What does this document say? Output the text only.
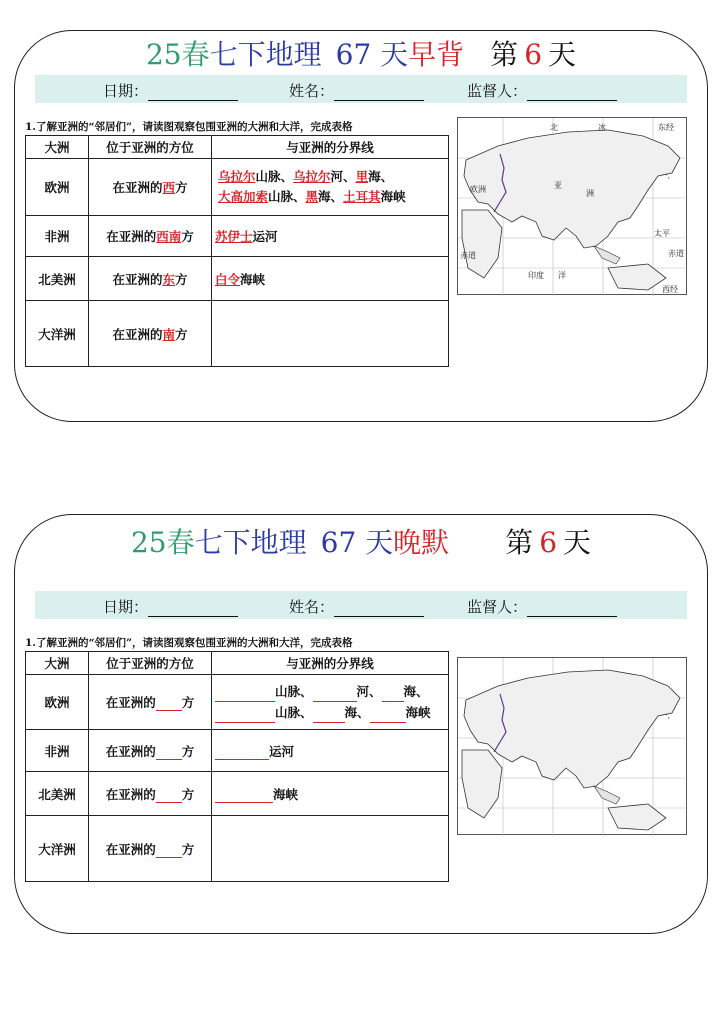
25春七下地理 67 天早背 第 6 天
日期：	姓名：	监督人：
1.了解亚洲的“邻居们”，请读图观察包围亚洲的大洲和大洋，完成表格
大洲	位于亚洲的方位	与亚洲的分界线
欧洲	在亚洲的西方	乌拉尔山脉、乌拉尔河、里海、
大高加索山脉、黑海、土耳其海峡
非洲	在亚洲的西南方	苏伊士运河
北美洲	在亚洲的东方	白令海峡
大洋洲	在亚洲的南方	
北	冰
欧洲	亚
洲
太平
印度 洋
东经
西经
赤道	赤道
25春七下地理 67 天晚默 第 6 天
日期：	姓名：	监督人：
1.了解亚洲的“邻居们”，请读图观察包围亚洲的大洲和大洋，完成表格
大洲	位于亚洲的方位	与亚洲的分界线
欧洲	在亚洲的 方	山脉、 河、 海、
山脉、 海、 海峡
非洲	在亚洲的 方	运河
北美洲	在亚洲的 方	海峡
大洋洲	在亚洲的 方	
